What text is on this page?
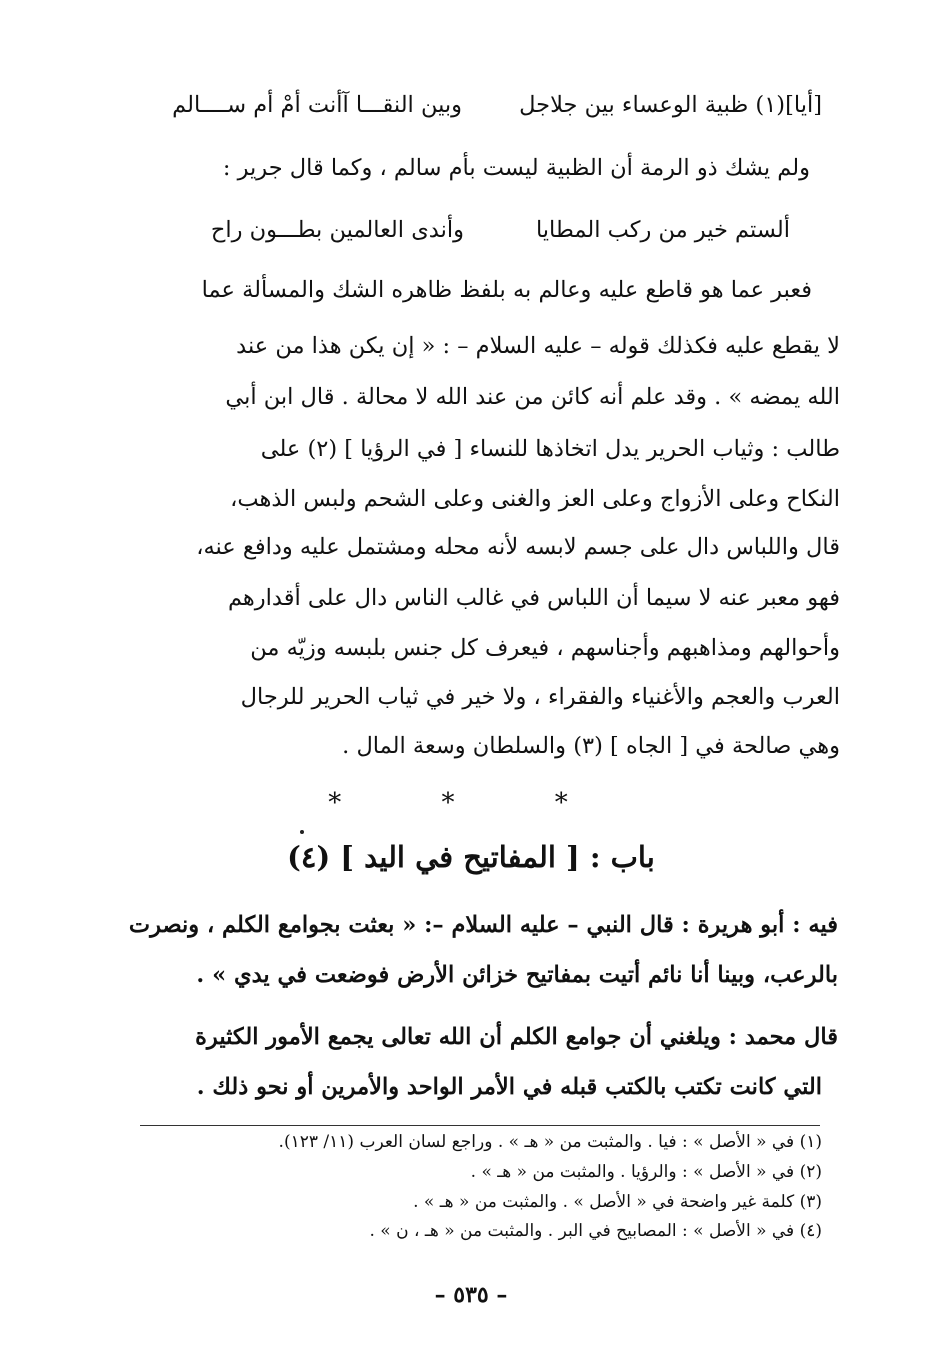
[أيا](١) ظبية الوعساء بين جلاجل
وبين النقـــا آأنت أمْ أم ســــالم
ولم يشك ذو الرمة أن الظبية ليست بأم سالم ، وكما قال جرير :
ألستم خير من ركب المطايا
وأندى العالمين بطـــون راح
فعبر عما هو قاطع عليه وعالم به بلفظ ظاهره الشك والمسألة عما
لا يقطع عليه فكذلك قوله – عليه السلام – : « إن يكن هذا من عند
الله يمضه » . وقد علم أنه كائن من عند الله لا محالة . قال ابن أبي
طالب : وثياب الحرير يدل اتخاذها للنساء [ في الرؤيا ] (٢) على
النكاح وعلى الأزواج وعلى العز والغنى وعلى الشحم ولبس الذهب،
قال واللباس دال على جسم لابسه لأنه محله ومشتمل عليه ودافع عنه،
فهو معبر عنه لا سيما أن اللباس في غالب الناس دال على أقدارهم
وأحوالهم ومذاهبهم وأجناسهم ، فيعرف كل جنس بلبسه وزيّه من
العرب والعجم والأغنياء والفقراء ، ولا خير في ثياب الحرير للرجال
وهي صالحة في [ الجاه ] (٣) والسلطان وسعة المال .
* * *
باب : [ المفاتيح في اليد ] (٤)
فيه : أبو هريرة : قال النبي – عليه السلام –: « بعثت بجوامع الكلم ، ونصرت
بالرعب، وبينا أنا نائم أتيت بمفاتيح خزائن الأرض فوضعت في يدي » .
قال محمد : ويلغني أن جوامع الكلم أن الله تعالى يجمع الأمور الكثيرة
التي كانت تكتب بالكتب قبله في الأمر الواحد والأمرين أو نحو ذلك .
(١) في « الأصل » : فيا . والمثبت من « هـ » . وراجع لسان العرب (١١/ ١٢٣).
(٢) في « الأصل » : والرؤيا . والمثبت من « هـ » .
(٣) كلمة غير واضحة في « الأصل » . والمثبت من « هـ » .
(٤) في « الأصل » : المصابيح في البر . والمثبت من « هـ ، ن » .
– ٥٣٥ –
